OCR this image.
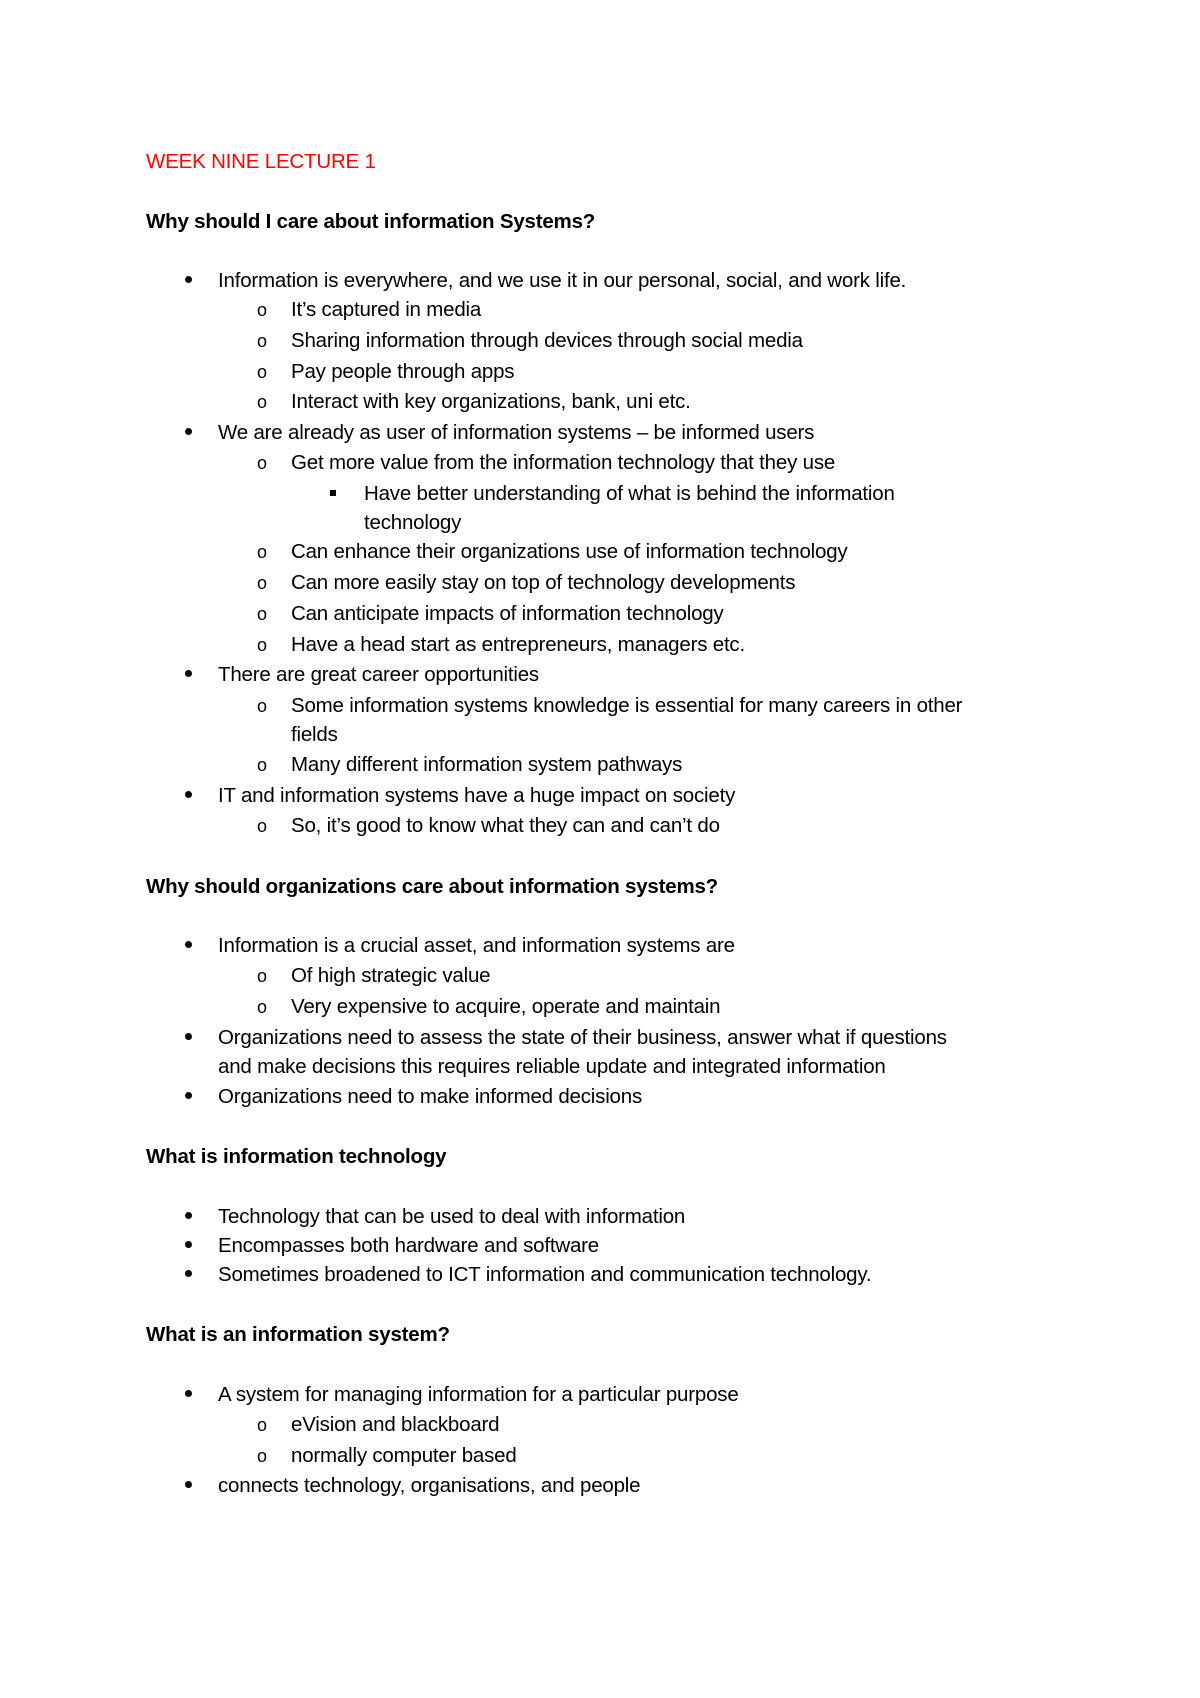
WEEK NINE LECTURE 1
Why should I care about information Systems?
Information is everywhere, and we use it in our personal, social, and work life.
o It’s captured in media
o Sharing information through devices through social media
o Pay people through apps
o Interact with key organizations, bank, uni etc.
We are already as user of information systems – be informed users
o Get more value from the information technology that they use
Have better understanding of what is behind the information
technology
o Can enhance their organizations use of information technology
o Can more easily stay on top of technology developments
o Can anticipate impacts of information technology
o Have a head start as entrepreneurs, managers etc.
There are great career opportunities
o Some information systems knowledge is essential for many careers in other
fields
o Many different information system pathways
IT and information systems have a huge impact on society
o So, it’s good to know what they can and can’t do
Why should organizations care about information systems?
Information is a crucial asset, and information systems are
o Of high strategic value
o Very expensive to acquire, operate and maintain
Organizations need to assess the state of their business, answer what if questions
and make decisions this requires reliable update and integrated information
Organizations need to make informed decisions
What is information technology
Technology that can be used to deal with information
Encompasses both hardware and software
Sometimes broadened to ICT information and communication technology.
What is an information system?
A system for managing information for a particular purpose
o eVision and blackboard
o normally computer based
connects technology, organisations, and people
